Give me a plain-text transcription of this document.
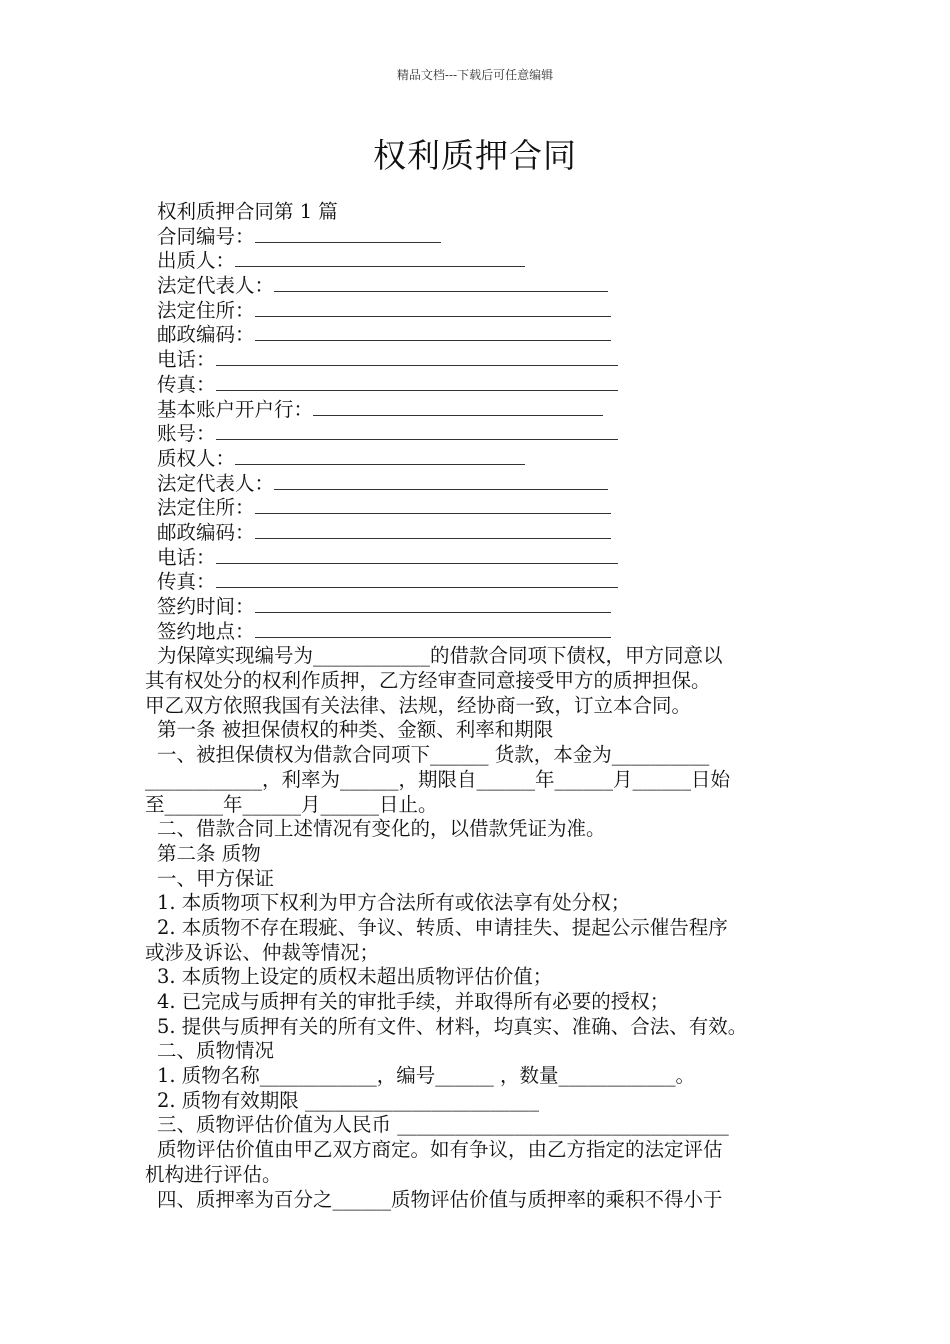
精品文档---下载后可任意编辑
权利质押合同
权利质押合同第 1 篇
合同编号：
出质人：
法定代表人：
法定住所：
邮政编码：
电话：
传真：
基本账户开户行：
账号：
质权人：
法定代表人：
法定住所：
邮政编码：
电话：
传真：
签约时间：
签约地点：
为保障实现编号为____________的借款合同项下债权，甲方同意以
其有权处分的权利作质押，乙方经审查同意接受甲方的质押担保。
甲乙双方依照我国有关法律、法规，经协商一致，订立本合同。
第一条 被担保债权的种类、金额、利率和期限
一、被担保债权为借款合同项下______ 货款，本金为__________
____________，利率为______，期限自______年______月______日始
至______年______月______日止。
二、借款合同上述情况有变化的，以借款凭证为准。
第二条 质物
一、甲方保证
1. 本质物项下权利为甲方合法所有或依法享有处分权；
2. 本质物不存在瑕疵、争议、转质、申请挂失、提起公示催告程序
或涉及诉讼、仲裁等情况；
3. 本质物上设定的质权未超出质物评估价值；
4. 已完成与质押有关的审批手续，并取得所有必要的授权；
5. 提供与质押有关的所有文件、材料，均真实、准确、合法、有效。
二、质物情况
1. 质物名称____________，编号______ ，数量____________。
2. 质物有效期限 ________________________
三、质物评估价值为人民币 __________________________________
质物评估价值由甲乙双方商定。如有争议，由乙方指定的法定评估
机构进行评估。
四、质押率为百分之______质物评估价值与质押率的乘积不得小于
